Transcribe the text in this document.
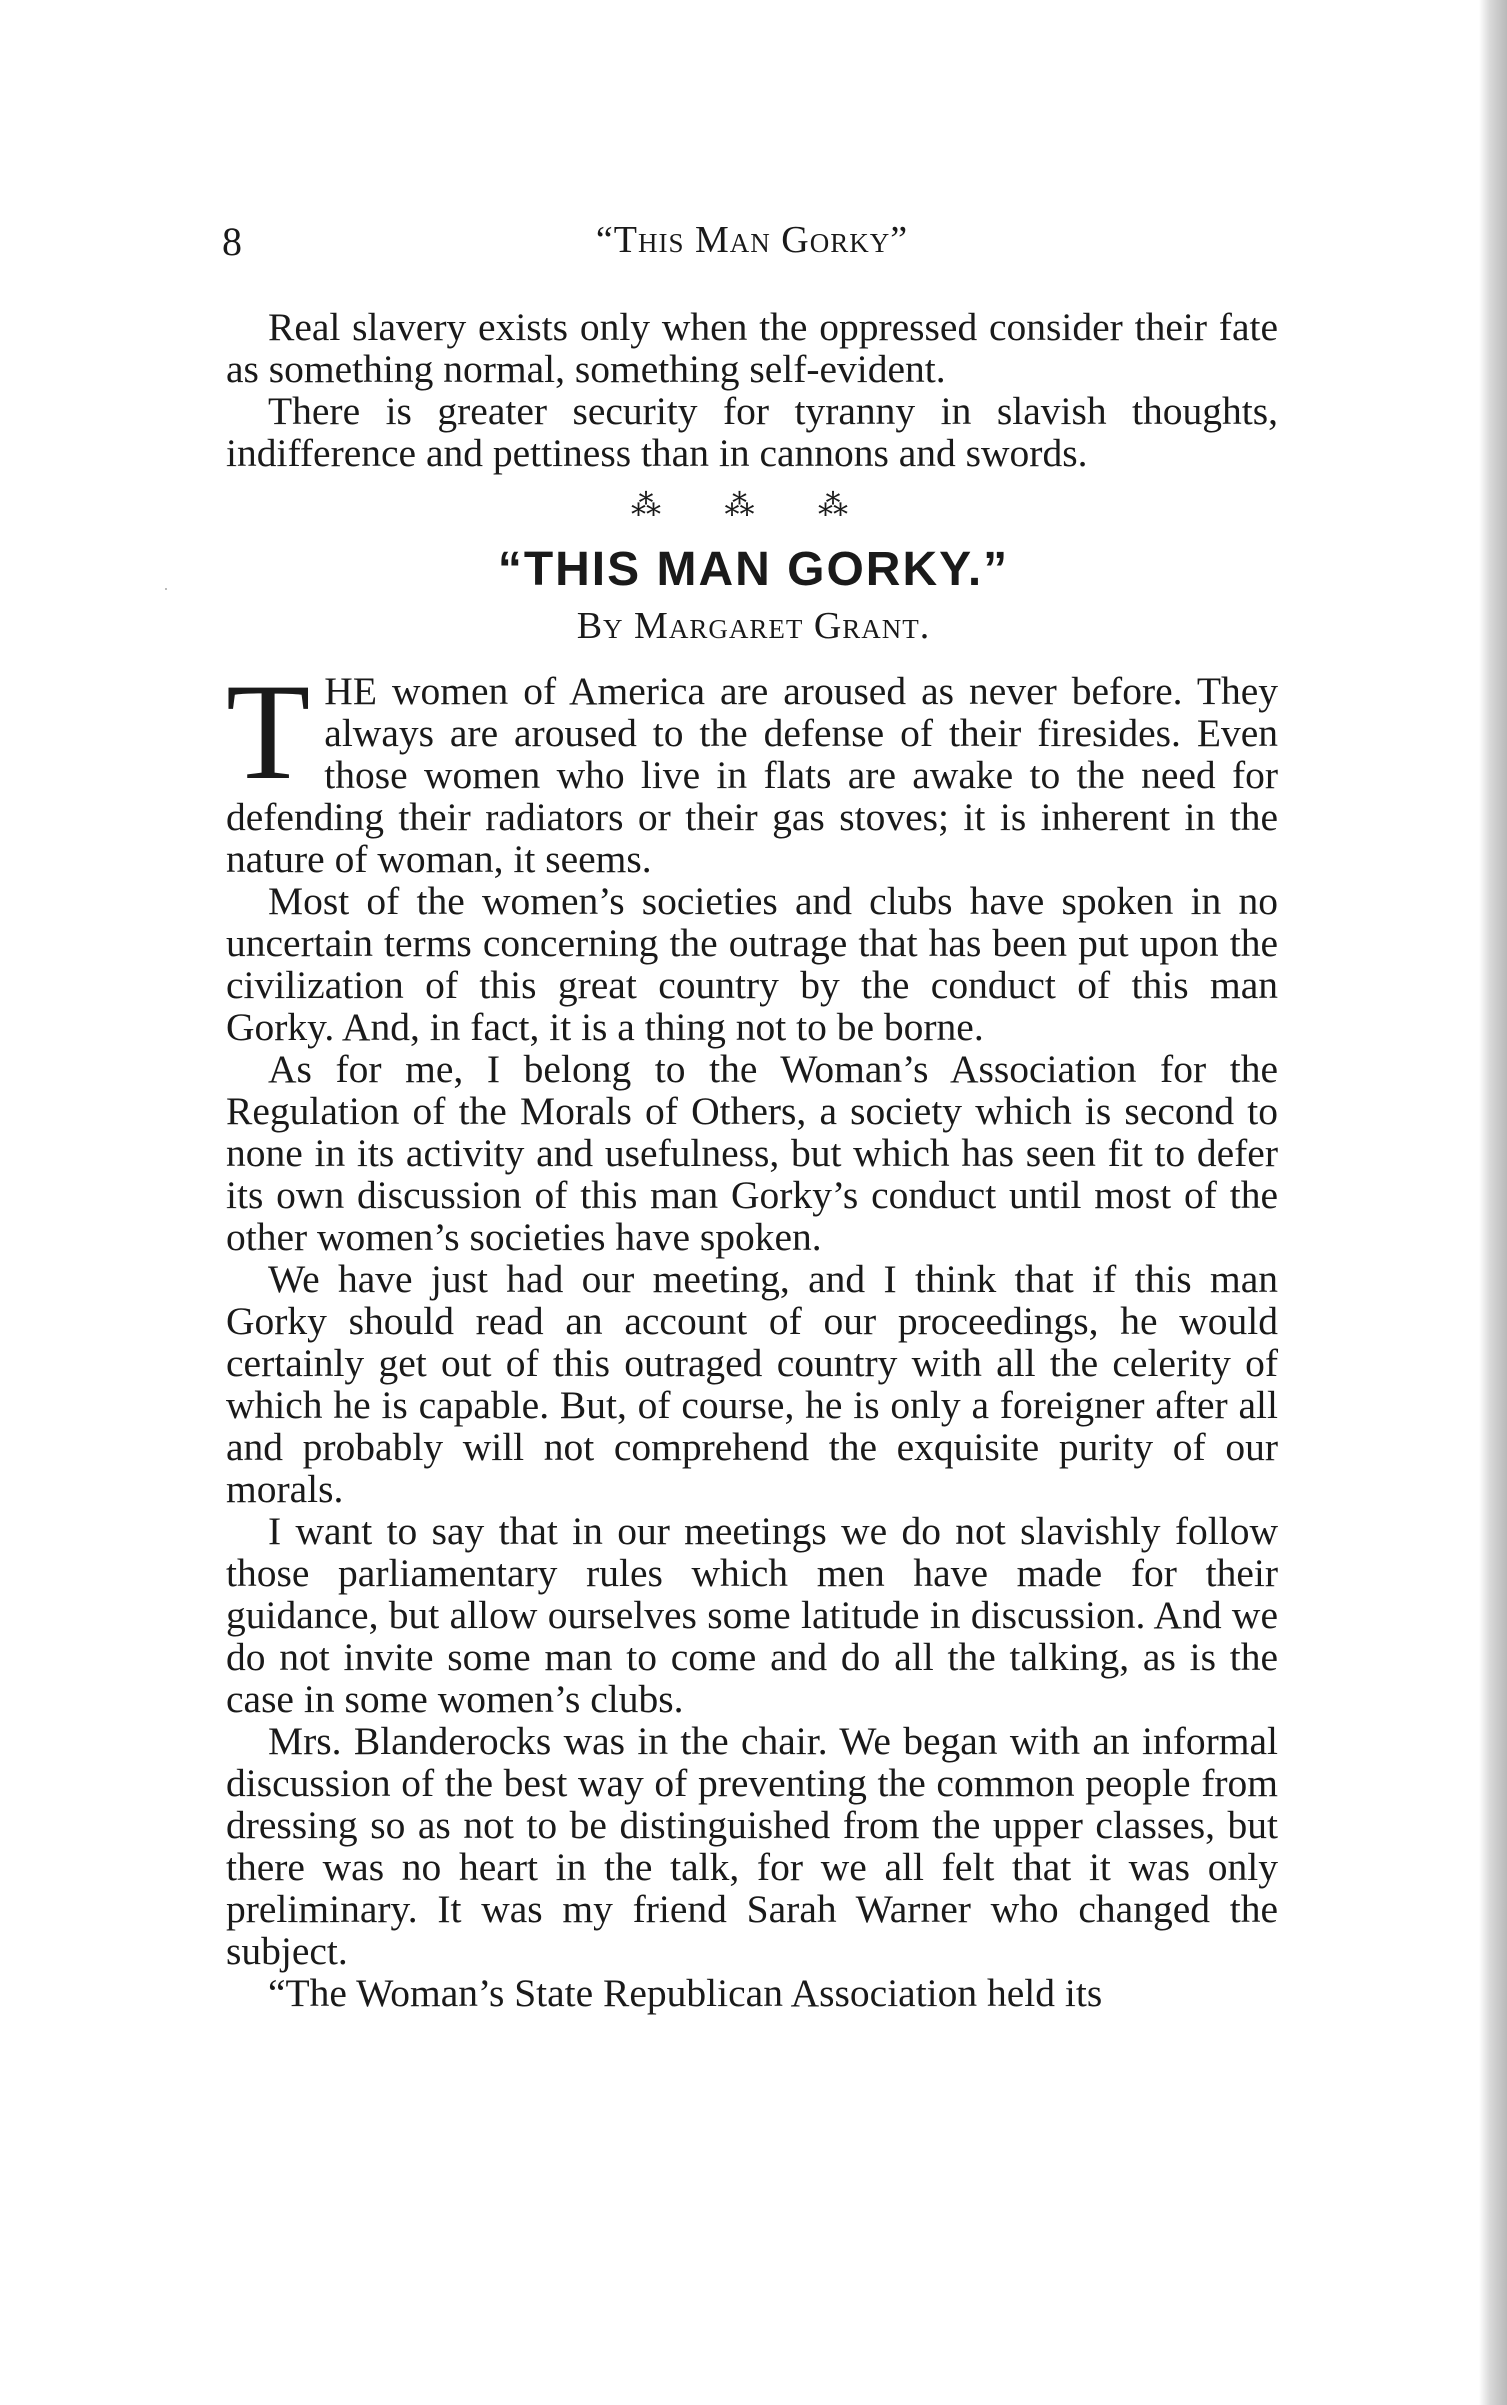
8	“This Man Gorky”

Real slavery exists only when the oppressed consider their fate as something normal, something self-evident.

There is greater security for tyranny in slavish thoughts, indifference and pettiness than in cannons and swords.

⁂ ⁂ ⁂
“THIS MAN GORKY.”
By Margaret Grant.

THE women of America are aroused as never before. They always are aroused to the defense of their firesides. Even those women who live in flats are awake to the need for defending their radiators or their gas stoves; it is inherent in the nature of woman, it seems.

Most of the women’s societies and clubs have spoken in no uncertain terms concerning the outrage that has been put upon the civilization of this great country by the conduct of this man Gorky. And, in fact, it is a thing not to be borne.

As for me, I belong to the Woman’s Association for the Regulation of the Morals of Others, a society which is second to none in its activity and usefulness, but which has seen fit to defer its own discussion of this man Gorky’s conduct until most of the other women’s societies have spoken.

We have just had our meeting, and I think that if this man Gorky should read an account of our proceedings, he would certainly get out of this outraged country with all the celerity of which he is capable. But, of course, he is only a foreigner after all and probably will not comprehend the exquisite purity of our morals.

I want to say that in our meetings we do not slavishly follow those parliamentary rules which men have made for their guidance, but allow ourselves some latitude in discussion. And we do not invite some man to come and do all the talking, as is the case in some women’s clubs.

Mrs. Blanderocks was in the chair. We began with an informal discussion of the best way of preventing the common people from dressing so as not to be distinguished from the upper classes, but there was no heart in the talk, for we all felt that it was only preliminary. It was my friend Sarah Warner who changed the subject.

“The Woman’s State Republican Association held its
